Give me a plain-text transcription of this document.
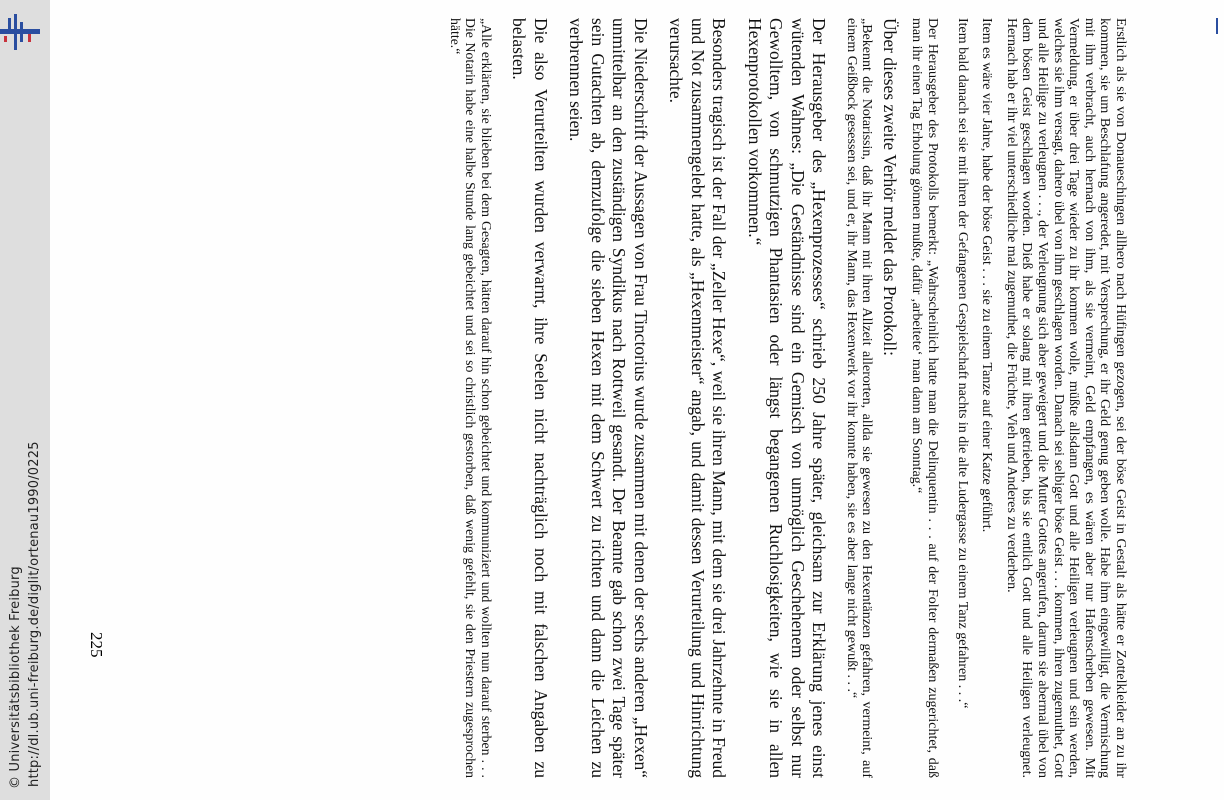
© Universitätsbibliothek Freiburg http://dl.ub.uni-freiburg.de/diglit/ortenau1990/0225	Erstlich als sie von Donaueschingen allhero nach Hüfingen gezogen, sei der böse Geist in Gestalt als hätte er Zottelkleider an zu ihr kommen, sie um Beschlafung angeredet, mit Versprechung, er ihr Geld genug geben wolle. Habe ihm eingewilligt, die Vermischung mit ihm verbracht, auch hernach von ihm, als sie vermeint, Geld empfangen, es wären aber nur Hafenscherben gewesen. Mit Vermeldung, er über drei Tage wieder zu ihr kommen wolle, müßte allsdann Gott und alle Heiligen verleugnen und sein werden, welches sie ihm versagt, dahero übel von ihm geschlagen worden. Danach sei selbiger böse Geist . . . kommen, ihren zugemuthet, Gott und alle Heilige zu verleugnen . . ., der Verleugnung sich aber geweigert und die Mutter Gottes angerufen, darum sie abermal übel von dem bösen Geist geschlagen worden. Dieß habe er solang mit ihren getrieben, bis sie entlich Gott und alle Heiligen verleugnet. Hernach hab er ihr viel unterschiedliche mal zugemuthet, die Früchte, Vieh und Anderes zu verderben.

Item es wäre vier Jahre, habe der böse Geist . . . sie zu einem Tanze auf einer Katze geführt.

Item bald danach sei sie mit ihren der Gefangenen Gespielschaft nachts in die alte Ludergasse zu einem Tanz gefahren . . .“

Der Herausgeber des Protokolls bemerkt: „Wahrscheinlich hatte man die Delinquentin . . . auf der Folter dermaßen zugerichtet, daß man ihr einen Tag Erholung gönnen mußte, dafür ‚arbeitete‘ man dann am Sonntag.“

Über dieses zweite Verhör meldet das Protokoll:

„Bekennt die Notarissin, daß ihr Mann mit ihren Allzeit allerorten, allda sie gewesen zu den Hexentänzen gefahren, vermeint, auf einem Geißbock gesessen sei, und er, ihr Mann, das Hexenwerk vor ihr konnte haben, sie es aber lange nicht gewußt . . .“

Der Herausgeber des „Hexenprozesses“ schrieb 250 Jahre später, gleichsam zur Erklärung jenes einst wütenden Wahnes: „Die Geständnisse sind ein Gemisch von unmöglich Geschehenem oder selbst nur Gewolltem, von schmutzigen Phantasien oder längst begangenen Ruchlosigkeiten, wie sie in allen Hexenprotokollen vorkommen.“

Besonders tragisch ist der Fall der „Zeller Hexe“, weil sie ihren Mann, mit dem sie drei Jahrzehnte in Freud und Not zusammengelebt hatte, als „Hexenmeister“ angab, und damit dessen Verurteilung und Hinrichtung verursachte.

Die Niederschrift der Aussagen von Frau Tinctorius wurde zusammen mit denen der sechs anderen „Hexen“ unmittelbar an den zuständigen Syndikus nach Rottweil gesandt. Der Beamte gab schon zwei Tage später sein Gutachten ab, demzufolge die sieben Hexen mit dem Schwert zu richten und dann die Leichen zu verbrennen seien.

Die also Verurteilten wurden verwarnt, ihre Seelen nicht nachträglich noch mit falschen Angaben zu belasten.

„Alle erklärten, sie blieben bei dem Gesagten, hätten darauf hin schon gebeichtet und kommuniziert und wollten nun darauf sterben . . . Die Notarin habe eine halbe Stunde lang gebeichtet und sei so christlich gestorben, daß wenig gefehlt, sie den Priestern zugesprochen hätte.“

225
